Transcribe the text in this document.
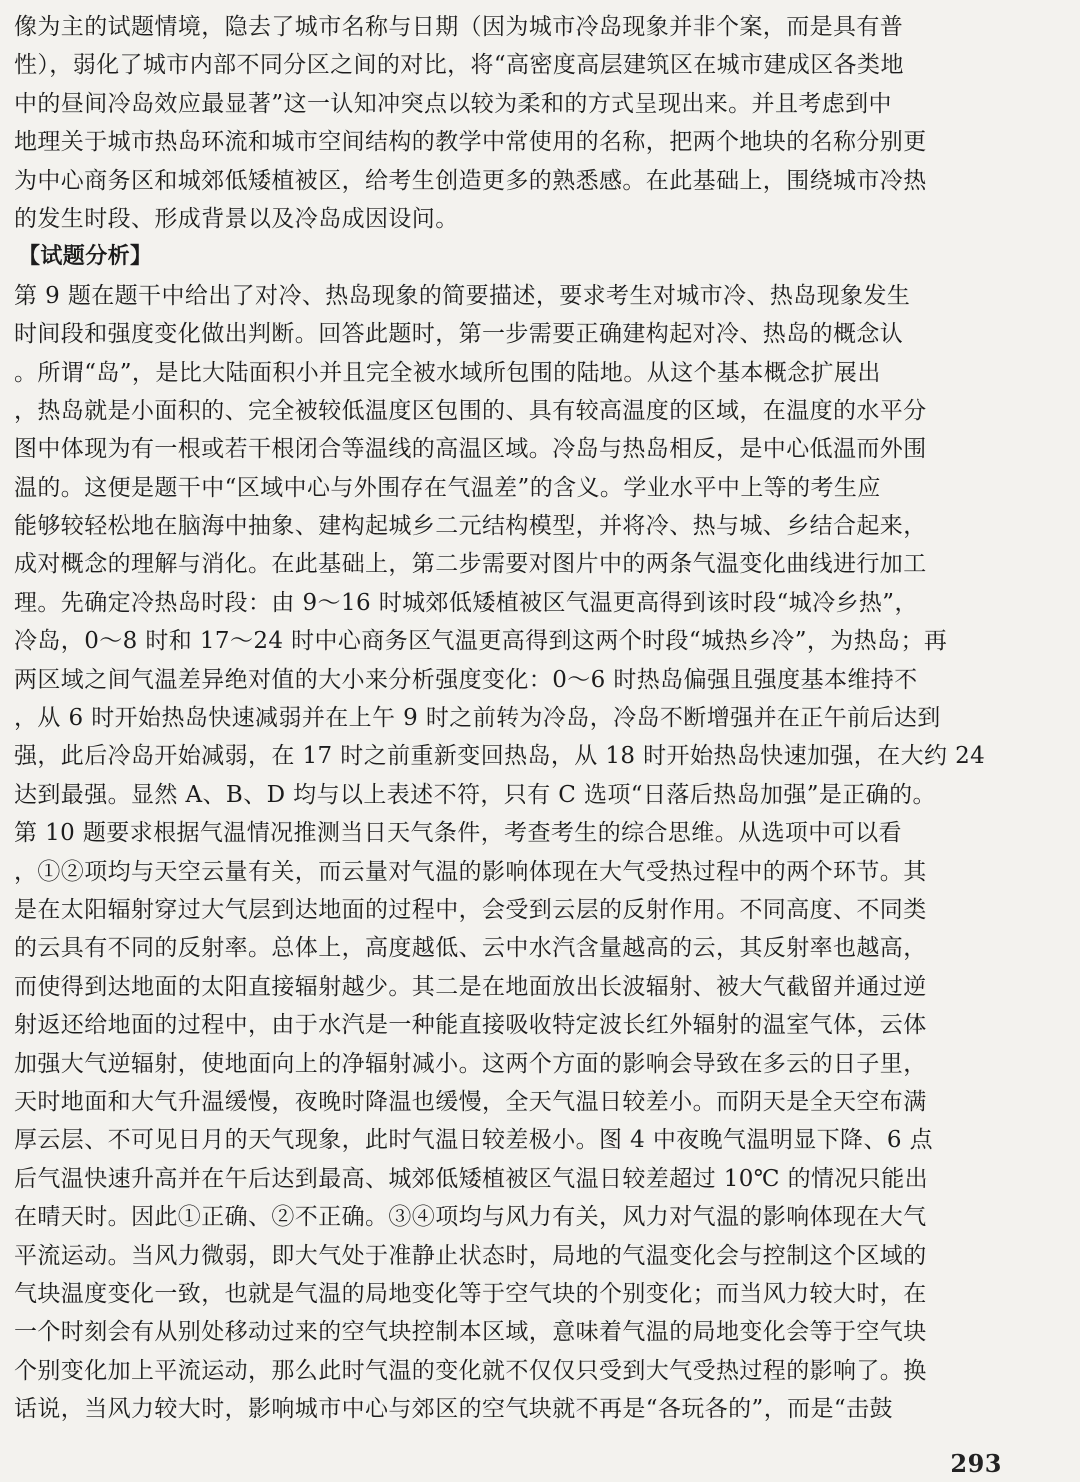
像为主的试题情境，隐去了城市名称与日期（因为城市冷岛现象并非个案，而是具有普
性），弱化了城市内部不同分区之间的对比，将“高密度高层建筑区在城市建成区各类地
中的昼间冷岛效应最显著”这一认知冲突点以较为柔和的方式呈现出来。并且考虑到中
地理关于城市热岛环流和城市空间结构的教学中常使用的名称，把两个地块的名称分别更
为中心商务区和城郊低矮植被区，给考生创造更多的熟悉感。在此基础上，围绕城市冷热
的发生时段、形成背景以及冷岛成因设问。
【试题分析】
第 9 题在题干中给出了对冷、热岛现象的简要描述，要求考生对城市冷、热岛现象发生
时间段和强度变化做出判断。回答此题时，第一步需要正确建构起对冷、热岛的概念认
。所谓“岛”，是比大陆面积小并且完全被水域所包围的陆地。从这个基本概念扩展出
，热岛就是小面积的、完全被较低温度区包围的、具有较高温度的区域，在温度的水平分
图中体现为有一根或若干根闭合等温线的高温区域。冷岛与热岛相反，是中心低温而外围
温的。这便是题干中“区域中心与外围存在气温差”的含义。学业水平中上等的考生应
能够较轻松地在脑海中抽象、建构起城乡二元结构模型，并将冷、热与城、乡结合起来，
成对概念的理解与消化。在此基础上，第二步需要对图片中的两条气温变化曲线进行加工
理。先确定冷热岛时段：由 9～16 时城郊低矮植被区气温更高得到该时段“城冷乡热”，
冷岛，0～8 时和 17～24 时中心商务区气温更高得到这两个时段“城热乡冷”，为热岛；再
两区域之间气温差异绝对值的大小来分析强度变化：0～6 时热岛偏强且强度基本维持不
，从 6 时开始热岛快速减弱并在上午 9 时之前转为冷岛，冷岛不断增强并在正午前后达到
强，此后冷岛开始减弱，在 17 时之前重新变回热岛，从 18 时开始热岛快速加强，在大约 24
达到最强。显然 A、B、D 均与以上表述不符，只有 C 选项“日落后热岛加强”是正确的。
第 10 题要求根据气温情况推测当日天气条件，考查考生的综合思维。从选项中可以看
，①②项均与天空云量有关，而云量对气温的影响体现在大气受热过程中的两个环节。其
是在太阳辐射穿过大气层到达地面的过程中，会受到云层的反射作用。不同高度、不同类
的云具有不同的反射率。总体上，高度越低、云中水汽含量越高的云，其反射率也越高，
而使得到达地面的太阳直接辐射越少。其二是在地面放出长波辐射、被大气截留并通过逆
射返还给地面的过程中，由于水汽是一种能直接吸收特定波长红外辐射的温室气体，云体
加强大气逆辐射，使地面向上的净辐射减小。这两个方面的影响会导致在多云的日子里，
天时地面和大气升温缓慢，夜晚时降温也缓慢，全天气温日较差小。而阴天是全天空布满
厚云层、不可见日月的天气现象，此时气温日较差极小。图 4 中夜晚气温明显下降、6 点
后气温快速升高并在午后达到最高、城郊低矮植被区气温日较差超过 10℃ 的情况只能出
在晴天时。因此①正确、②不正确。③④项均与风力有关，风力对气温的影响体现在大气
平流运动。当风力微弱，即大气处于准静止状态时，局地的气温变化会与控制这个区域的
气块温度变化一致，也就是气温的局地变化等于空气块的个别变化；而当风力较大时，在
一个时刻会有从别处移动过来的空气块控制本区域，意味着气温的局地变化会等于空气块
个别变化加上平流运动，那么此时气温的变化就不仅仅只受到大气受热过程的影响了。换
话说，当风力较大时，影响城市中心与郊区的空气块就不再是“各玩各的”，而是“击鼓
293
